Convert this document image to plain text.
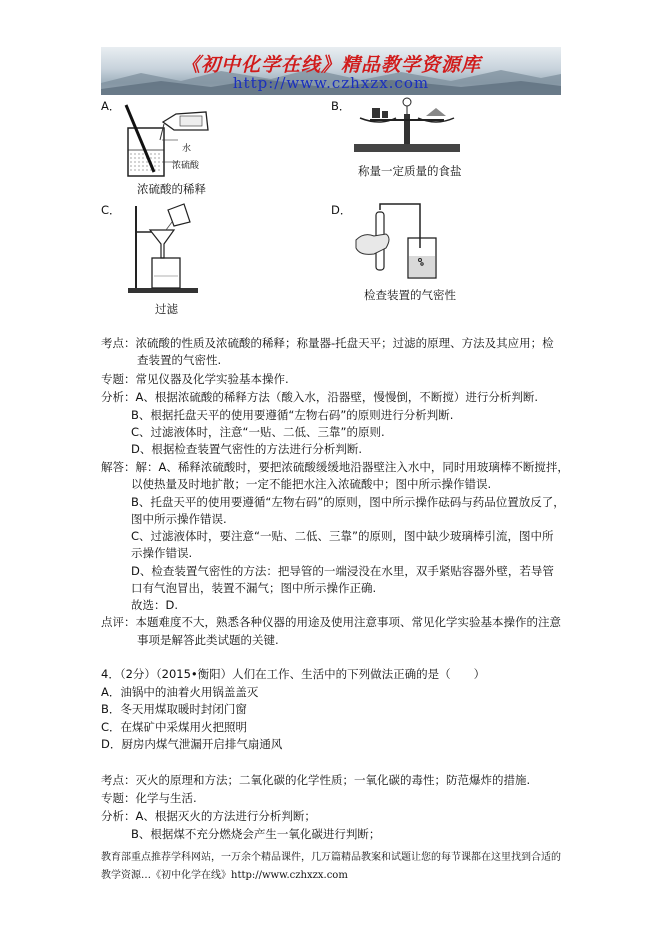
《初中化学在线》精品教学资源库
http://www.czhxzx.com
A．
水
浓硫酸
浓硫酸的稀释
B．
称量一定质量的食盐
C．
过滤
D．
检查装置的气密性
考点：浓硫酸的性质及浓硫酸的稀释；称量器-托盘天平；过滤的原理、方法及其应用；检
查装置的气密性.
专题：常见仪器及化学实验基本操作.
分析：A、根据浓硫酸的稀释方法（酸入水，沿器壁，慢慢倒，不断搅）进行分析判断.
B、根据托盘天平的使用要遵循“左物右码”的原则进行分析判断.
C、过滤液体时，注意“一贴、二低、三靠”的原则.
D、根据检查装置气密性的方法进行分析判断.
解答：解：A、稀释浓硫酸时，要把浓硫酸缓缓地沿器壁注入水中，同时用玻璃棒不断搅拌，
以使热量及时地扩散；一定不能把水注入浓硫酸中；图中所示操作错误.
B、托盘天平的使用要遵循“左物右码”的原则，图中所示操作砝码与药品位置放反了，
图中所示操作错误.
C、过滤液体时，要注意“一贴、二低、三靠”的原则，图中缺少玻璃棒引流，图中所
示操作错误.
D、检查装置气密性的方法：把导管的一端浸没在水里，双手紧贴容器外壁，若导管
口有气泡冒出，装置不漏气；图中所示操作正确.
故选：D.
点评：本题难度不大，熟悉各种仪器的用途及使用注意事项、常见化学实验基本操作的注意
事项是解答此类试题的关键.
4．（2分）（2015•衡阳）人们在工作、生活中的下列做法正确的是（　　）
A．油锅中的油着火用锅盖盖灭
B．冬天用煤取暖时封闭门窗
C．在煤矿中采煤用火把照明
D．厨房内煤气泄漏开启排气扇通风
考点：灭火的原理和方法；二氧化碳的化学性质；一氧化碳的毒性；防范爆炸的措施.
专题：化学与生活.
分析：A、根据灭火的方法进行分析判断；
B、根据煤不充分燃烧会产生一氧化碳进行判断；
教育部重点推荐学科网站，一万余个精品课件，几万篇精品教案和试题让您的每节课都在这里找到合适的
教学资源…《初中化学在线》http://www.czhxzx.com
